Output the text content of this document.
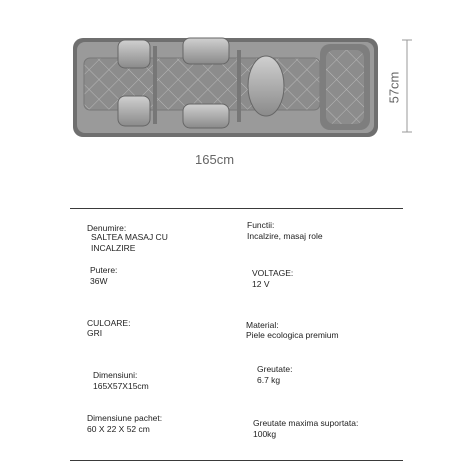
57cm
165cm
Denumire:
SALTEA MASAJ CU
INCALZIRE
Functii:
Incalzire, masaj role
Putere:
36W
VOLTAGE:
12 V
CULOARE:
GRI
Material:
Piele ecologica premium
Dimensiuni:
165X57X15cm
Greutate:
6.7 kg
Dimensiune pachet:
60 X 22 X 52 cm
Greutate maxima suportata:
100kg
